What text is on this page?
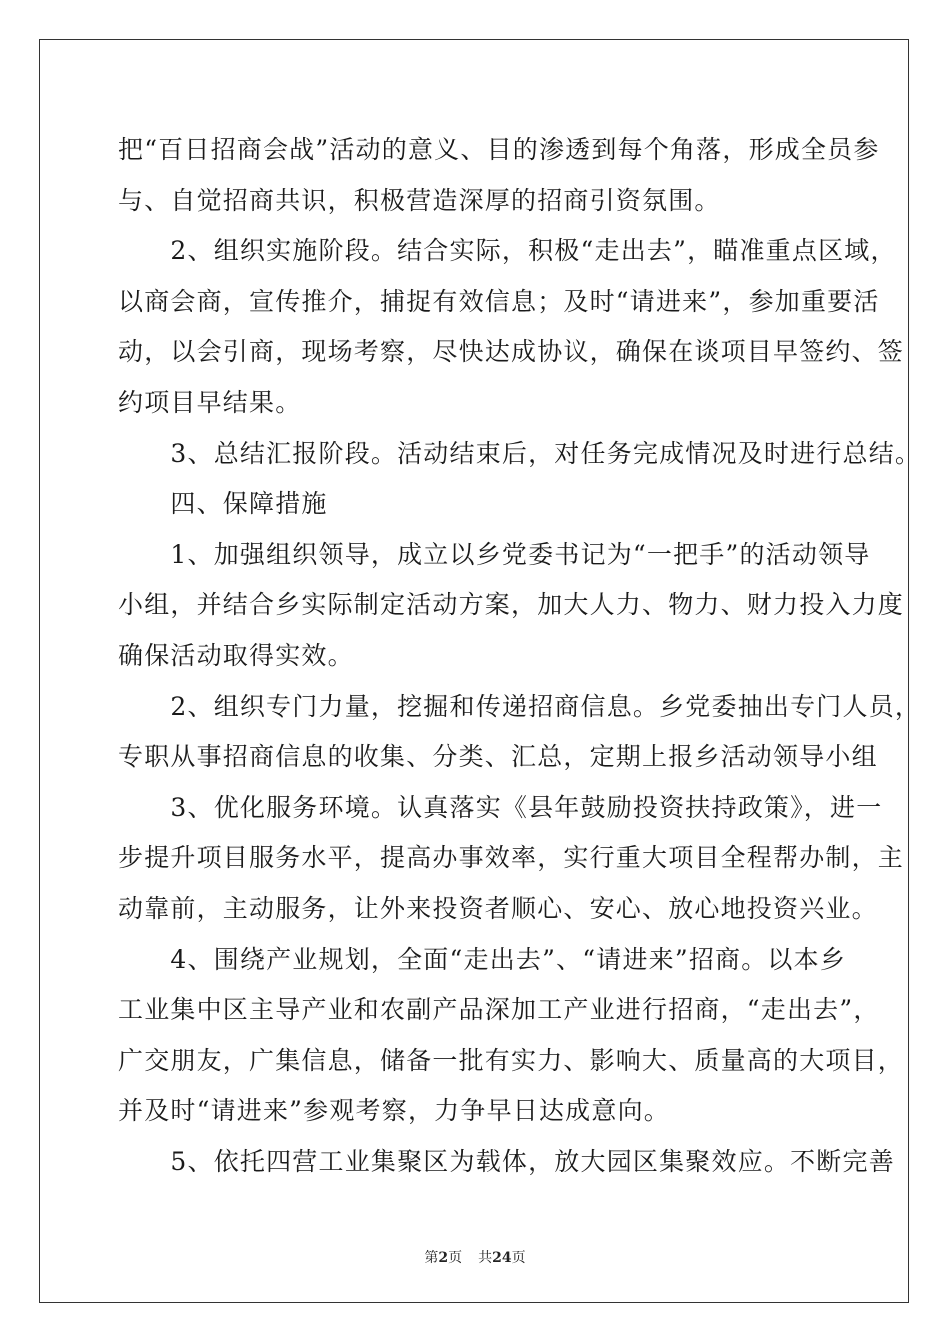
把“百日招商会战”活动的意义、目的渗透到每个角落，形成全员参
与、自觉招商共识，积极营造深厚的招商引资氛围。
　　2、组织实施阶段。结合实际，积极“走出去”，瞄准重点区域，
以商会商，宣传推介，捕捉有效信息；及时“请进来”，参加重要活
动，以会引商，现场考察，尽快达成协议，确保在谈项目早签约、签
约项目早结果。
　　3、总结汇报阶段。活动结束后，对任务完成情况及时进行总结。
　　四、保障措施
　　1、加强组织领导，成立以乡党委书记为“一把手”的活动领导
小组，并结合乡实际制定活动方案，加大人力、物力、财力投入力度
确保活动取得实效。
　　2、组织专门力量，挖掘和传递招商信息。乡党委抽出专门人员，
专职从事招商信息的收集、分类、汇总，定期上报乡活动领导小组
　　3、优化服务环境。认真落实《县年鼓励投资扶持政策》，进一
步提升项目服务水平，提高办事效率，实行重大项目全程帮办制，主
动靠前，主动服务，让外来投资者顺心、安心、放心地投资兴业。
　　4、围绕产业规划，全面“走出去”、“请进来”招商。以本乡
工业集中区主导产业和农副产品深加工产业进行招商，“走出去”，
广交朋友，广集信息，储备一批有实力、影响大、质量高的大项目，
并及时“请进来”参观考察，力争早日达成意向。
　　5、依托四营工业集聚区为载体，放大园区集聚效应。不断完善
第2页 共24页
